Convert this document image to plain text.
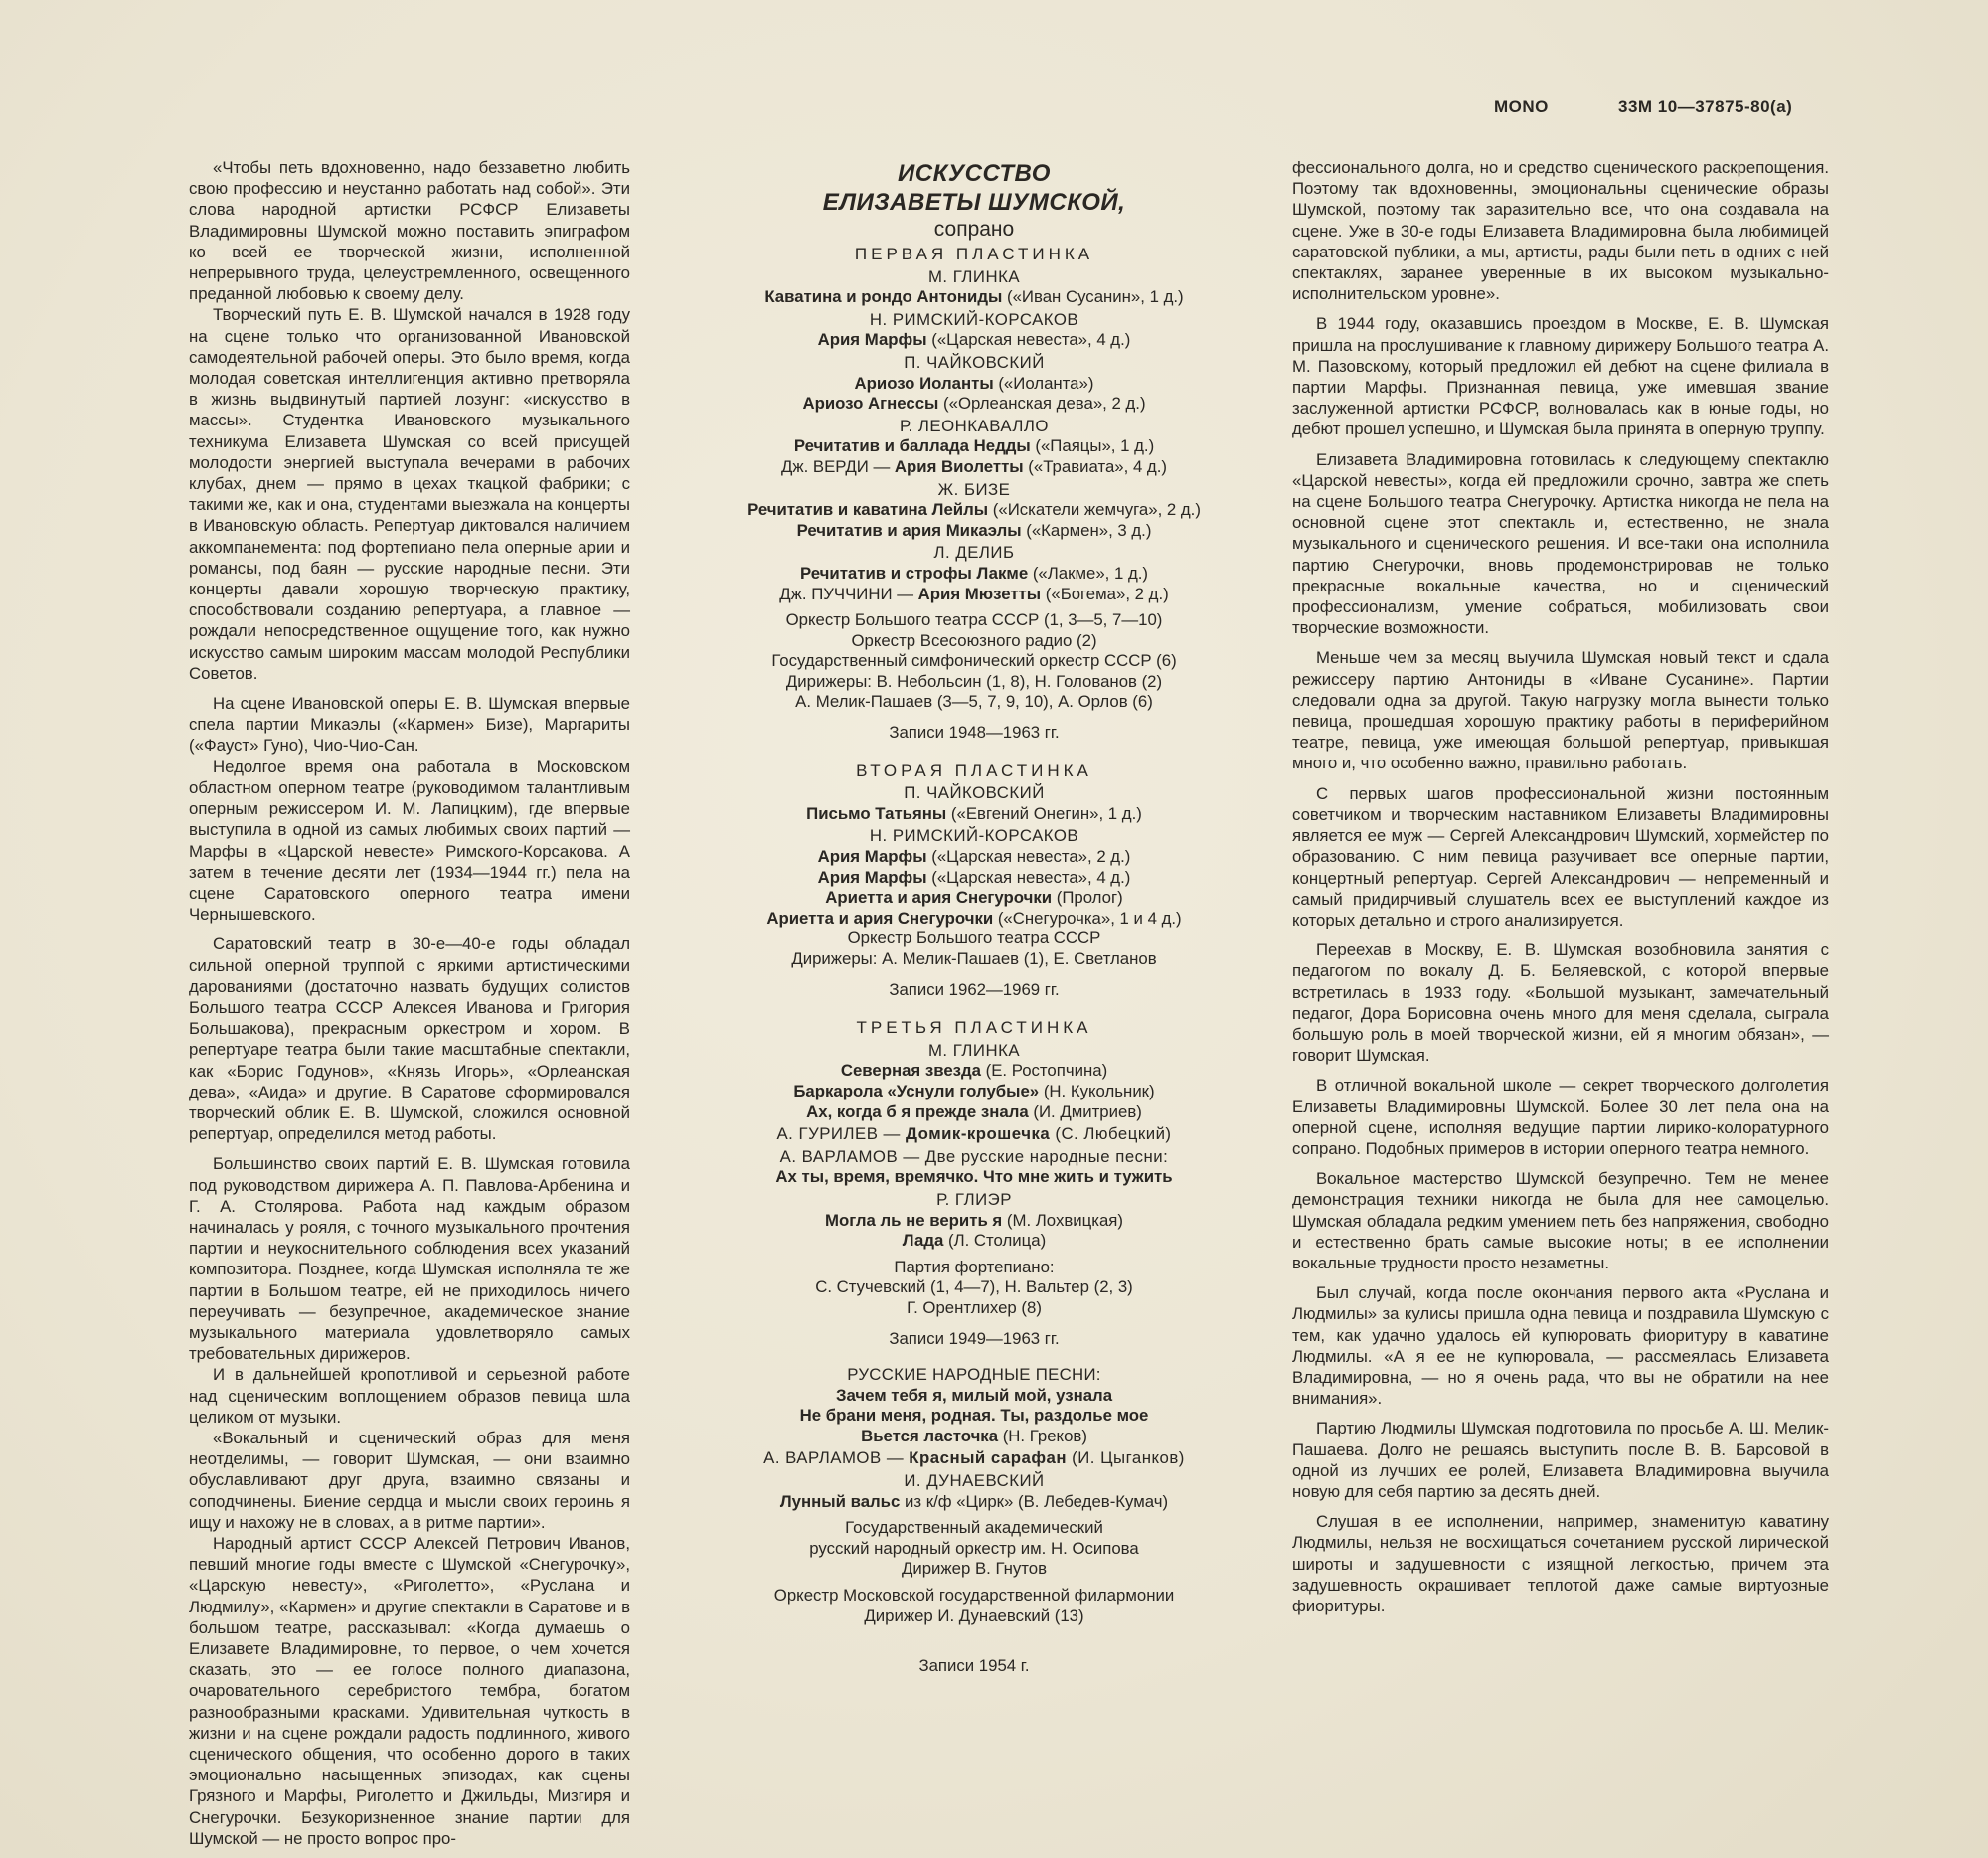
MONO	33М 10—37875-80(а)

«Чтобы петь вдохновенно, надо беззаветно любить свою профессию и неустанно работать над собой». Эти слова народной артистки РСФСР Елизаветы Владимировны Шумской можно поставить эпиграфом ко всей ее творческой жизни, исполненной непрерывного труда, целеустремленного, освещенного преданной любовью к своему делу.

Творческий путь Е. В. Шумской начался в 1928 году на сцене только что организованной Ивановской самодеятельной рабочей оперы. Это было время, когда молодая советская интеллигенция активно претворяла в жизнь выдвинутый партией лозунг: «искусство в массы». Студентка Ивановского музыкального техникума Елизавета Шумская со всей присущей молодости энергией выступала вечерами в рабочих клубах, днем — прямо в цехах ткацкой фабрики; с такими же, как и она, студентами выезжала на концерты в Ивановскую область. Репертуар диктовался наличием аккомпанемента: под фортепиано пела оперные арии и романсы, под баян — русские народные песни. Эти концерты давали хорошую творческую практику, способствовали созданию репертуара, а главное — рождали непосредственное ощущение того, как нужно искусство самым широким массам молодой Республики Советов.

На сцене Ивановской оперы Е. В. Шумская впервые спела партии Микаэлы («Кармен» Бизе), Маргариты («Фауст» Гуно), Чио-Чио-Сан.

Недолгое время она работала в Московском областном оперном театре (руководимом талантливым оперным режиссером И. М. Лапицким), где впервые выступила в одной из самых любимых своих партий — Марфы в «Царской невесте» Римского-Корсакова. А затем в течение десяти лет (1934—1944 гг.) пела на сцене Саратовского оперного театра имени Чернышевского.

Саратовский театр в 30-е—40-е годы обладал сильной оперной труппой с яркими артистическими дарованиями (достаточно назвать будущих солистов Большого театра СССР Алексея Иванова и Григория Большакова), прекрасным оркестром и хором. В репертуаре театра были такие масштабные спектакли, как «Борис Годунов», «Князь Игорь», «Орлеанская дева», «Аида» и другие. В Саратове сформировался творческий облик Е. В. Шумской, сложился основной репертуар, определился метод работы.

Большинство своих партий Е. В. Шумская готовила под руководством дирижера А. П. Павлова-Арбенина и Г. А. Столярова. Работа над каждым образом начиналась у рояля, с точного музыкального прочтения партии и неукоснительного соблюдения всех указаний композитора. Позднее, когда Шумская исполняла те же партии в Большом театре, ей не приходилось ничего переучивать — безупречное, академическое знание музыкального материала удовлетворяло самых требовательных дирижеров.

И в дальнейшей кропотливой и серьезной работе над сценическим воплощением образов певица шла целиком от музыки.

«Вокальный и сценический образ для меня неотделимы, — говорит Шумская, — они взаимно обуславливают друг друга, взаимно связаны и соподчинены. Биение сердца и мысли своих героинь я ищу и нахожу не в словах, а в ритме партии».

Народный артист СССР Алексей Петрович Иванов, певший многие годы вместе с Шумской «Снегурочку», «Царскую невесту», «Риголетто», «Руслана и Людмилу», «Кармен» и другие спектакли в Саратове и в большом театре, рассказывал: «Когда думаешь о Елизавете Владимировне, то первое, о чем хочется сказать, это — ее голосе полного диапазона, очаровательного серебристого тембра, богатом разнообразными красками. Удивительная чуткость в жизни и на сцене рождали радость подлинного, живого сценического общения, что особенно дорого в таких эмоционально насыщенных эпизодах, как сцены Грязного и Марфы, Риголетто и Джильды, Мизгиря и Снегурочки. Безукоризненное знание партии для Шумской — не просто вопрос про-

ИСКУССТВО
ЕЛИЗАВЕТЫ ШУМСКОЙ,
сопрано
ПЕРВАЯ ПЛАСТИНКА
М. ГЛИНКА
Каватина и рондо Антониды («Иван Сусанин», 1 д.)
Н. РИМСКИЙ-КОРСАКОВ
Ария Марфы («Царская невеста», 4 д.)
П. ЧАЙКОВСКИЙ
Ариозо Иоланты («Иоланта»)
Ариозо Агнессы («Орлеанская дева», 2 д.)
Р. ЛЕОНКАВАЛЛО
Речитатив и баллада Недды («Паяцы», 1 д.)
Дж. ВЕРДИ — Ария Виолетты («Травиата», 4 д.)
Ж. БИЗЕ
Речитатив и каватина Лейлы («Искатели жемчуга», 2 д.)
Речитатив и ария Микаэлы («Кармен», 3 д.)
Л. ДЕЛИБ
Речитатив и строфы Лакме («Лакме», 1 д.)
Дж. ПУЧЧИНИ — Ария Мюзетты («Богема», 2 д.)
Оркестр Большого театра СССР (1, 3—5, 7—10)
Оркестр Всесоюзного радио (2)
Государственный симфонический оркестр СССР (6)
Дирижеры: В. Небольсин (1, 8), Н. Голованов (2)
А. Мелик-Пашаев (3—5, 7, 9, 10), А. Орлов (6)
Записи 1948—1963 гг.
ВТОРАЯ ПЛАСТИНКА
П. ЧАЙКОВСКИЙ
Письмо Татьяны («Евгений Онегин», 1 д.)
Н. РИМСКИЙ-КОРСАКОВ
Ария Марфы («Царская невеста», 2 д.)
Ария Марфы («Царская невеста», 4 д.)
Ариетта и ария Снегурочки (Пролог)
Ариетта и ария Снегурочки («Снегурочка», 1 и 4 д.)
Оркестр Большого театра СССР
Дирижеры: А. Мелик-Пашаев (1), Е. Светланов
Записи 1962—1969 гг.
ТРЕТЬЯ ПЛАСТИНКА
М. ГЛИНКА
Северная звезда (Е. Ростопчина)
Баркарола «Уснули голубые» (Н. Кукольник)
Ах, когда б я прежде знала (И. Дмитриев)
А. ГУРИЛЕВ — Домик-крошечка (С. Любецкий)
А. ВАРЛАМОВ — Две русские народные песни:
Ах ты, время, времячко. Что мне жить и тужить
Р. ГЛИЭР
Могла ль не верить я (М. Лохвицкая)
Лада (Л. Столица)
Партия фортепиано:
С. Стучевский (1, 4—7), Н. Вальтер (2, 3)
Г. Орентлихер (8)
Записи 1949—1963 гг.
РУССКИЕ НАРОДНЫЕ ПЕСНИ:
Зачем тебя я, милый мой, узнала
Не брани меня, родная. Ты, раздолье мое
Вьется ласточка (Н. Греков)
А. ВАРЛАМОВ — Красный сарафан (И. Цыганков)
И. ДУНАЕВСКИЙ
Лунный вальс из к/ф «Цирк» (В. Лебедев-Кумач)
Государственный академический
русский народный оркестр им. Н. Осипова
Дирижер В. Гнутов
Оркестр Московской государственной филармонии
Дирижер И. Дунаевский (13)
Записи 1954 г.

фессионального долга, но и средство сценического раскрепощения. Поэтому так вдохновенны, эмоциональны сценические образы Шумской, поэтому так заразительно все, что она создавала на сцене. Уже в 30-е годы Елизавета Владимировна была любимицей саратовской публики, а мы, артисты, рады были петь в одних с ней спектаклях, заранее уверенные в их высоком музыкально-исполнительском уровне».

В 1944 году, оказавшись проездом в Москве, Е. В. Шумская пришла на прослушивание к главному дирижеру Большого театра А. М. Пазовскому, который предложил ей дебют на сцене филиала в партии Марфы. Признанная певица, уже имевшая звание заслуженной артистки РСФСР, волновалась как в юные годы, но дебют прошел успешно, и Шумская была принята в оперную труппу.

Елизавета Владимировна готовилась к следующему спектаклю «Царской невесты», когда ей предложили срочно, завтра же спеть на сцене Большого театра Снегурочку. Артистка никогда не пела на основной сцене этот спектакль и, естественно, не знала музыкального и сценического решения. И все-таки она исполнила партию Снегурочки, вновь продемонстрировав не только прекрасные вокальные качества, но и сценический профессионализм, умение собраться, мобилизовать свои творческие возможности.

Меньше чем за месяц выучила Шумская новый текст и сдала режиссеру партию Антониды в «Иване Сусанине». Партии следовали одна за другой. Такую нагрузку могла вынести только певица, прошедшая хорошую практику работы в периферийном театре, певица, уже имеющая большой репертуар, привыкшая много и, что особенно важно, правильно работать.

С первых шагов профессиональной жизни постоянным советчиком и творческим наставником Елизаветы Владимировны является ее муж — Сергей Александрович Шумский, хормейстер по образованию. С ним певица разучивает все оперные партии, концертный репертуар. Сергей Александрович — непременный и самый придирчивый слушатель всех ее выступлений каждое из которых детально и строго анализируется.

Переехав в Москву, Е. В. Шумская возобновила занятия с педагогом по вокалу Д. Б. Беляевской, с которой впервые встретилась в 1933 году. «Большой музыкант, замечательный педагог, Дора Борисовна очень много для меня сделала, сыграла большую роль в моей творческой жизни, ей я многим обязан», — говорит Шумская.

В отличной вокальной школе — секрет творческого долголетия Елизаветы Владимировны Шумской. Более 30 лет пела она на оперной сцене, исполняя ведущие партии лирико-колоратурного сопрано. Подобных примеров в истории оперного театра немного.

Вокальное мастерство Шумской безупречно. Тем не менее демонстрация техники никогда не была для нее самоцелью. Шумская обладала редким умением петь без напряжения, свободно и естественно брать самые высокие ноты; в ее исполнении вокальные трудности просто незаметны.

Был случай, когда после окончания первого акта «Руслана и Людмилы» за кулисы пришла одна певица и поздравила Шумскую с тем, как удачно удалось ей купюровать фиоритуру в каватине Людмилы. «А я ее не купюровала, — рассмеялась Елизавета Владимировна, — но я очень рада, что вы не обратили на нее внимания».

Партию Людмилы Шумская подготовила по просьбе А. Ш. Мелик-Пашаева. Долго не решаясь выступить после В. В. Барсовой в одной из лучших ее ролей, Елизавета Владимировна выучила новую для себя партию за десять дней.

Слушая в ее исполнении, например, знаменитую каватину Людмилы, нельзя не восхищаться сочетанием русской лирической широты и задушевности с изящной легкостью, причем эта задушевность окрашивает теплотой даже самые виртуозные фиоритуры.
